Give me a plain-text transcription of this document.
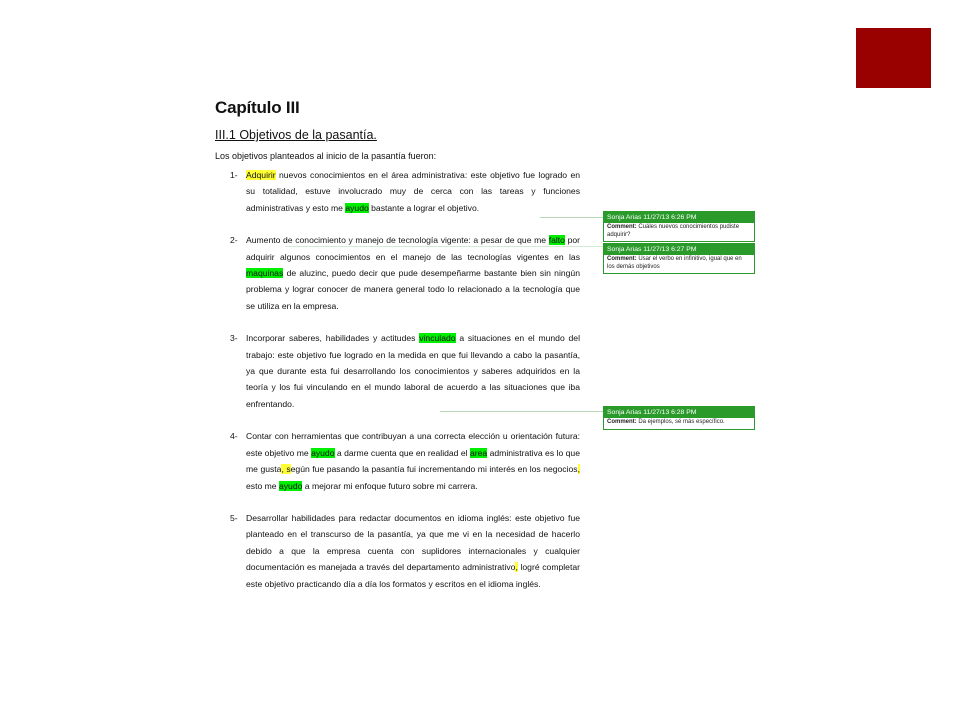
Capítulo III
III.1 Objetivos de la pasantía.
Los objetivos planteados al inicio de la pasantía fueron:
1- Adquirir nuevos conocimientos en el área administrativa: este objetivo fue logrado en su totalidad, estuve involucrado muy de cerca con las tareas y funciones administrativas y esto me ayudo bastante a lograr el objetivo.
2- Aumento de conocimiento y manejo de tecnología vigente: a pesar de que me falto por adquirir algunos conocimientos en el manejo de las tecnologías vigentes en las maquinas de aluzinc, puedo decir que pude desempeñarme bastante bien sin ningún problema y lograr conocer de manera general todo lo relacionado a la tecnología que se utiliza en la empresa.
3- Incorporar saberes, habilidades y actitudes vinculado a situaciones en el mundo del trabajo: este objetivo fue logrado en la medida en que fui llevando a cabo la pasantía, ya que durante esta fui desarrollando los conocimientos y saberes adquiridos en la teoría y los fui vinculando en el mundo laboral de acuerdo a las situaciones que iba enfrentando.
4- Contar con herramientas que contribuyan a una correcta elección u orientación futura: este objetivo me ayudo a darme cuenta que en realidad el area administrativa es lo que me gusta, según fue pasando la pasantía fui incrementando mi interés en los negocios, esto me ayudo a mejorar mi enfoque futuro sobre mi carrera.
5- Desarrollar habilidades para redactar documentos en idioma inglés: este objetivo fue planteado en el transcurso de la pasantía, ya que me vi en la necesidad de hacerlo debido a que la empresa cuenta con suplidores internacionales y cualquier documentación es manejada a través del departamento administrativo, logré completar este objetivo practicando día a día los formatos y escritos en el idioma inglés.
Sonja Arias 11/27/13 6:26 PM
Comment: Cuáles nuevos conocimientos pudiste adquirir?
Sonja Arias 11/27/13 6:27 PM
Comment: Usar el verbo en infinitivo, igual que en los demás objetivos
Sonja Arias 11/27/13 6:28 PM
Comment: Da ejemplos, sé más específico.
